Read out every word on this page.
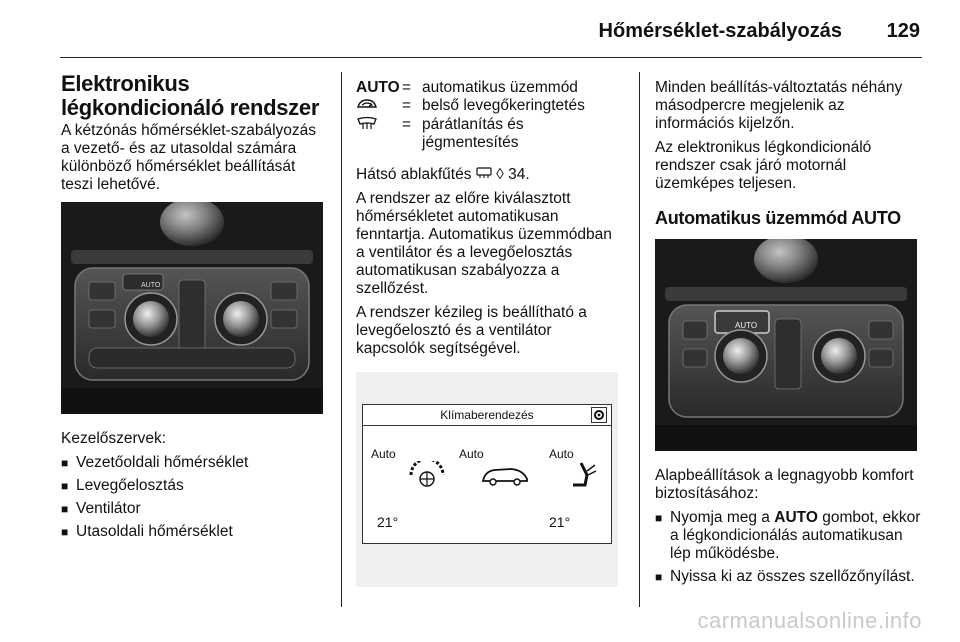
Hőmérséklet-szabályozás 129
Elektronikus légkondicionáló rendszer

A kétzónás hőmérséklet-szabályozás a vezető- és az utasoldal számára különböző hőmérséklet beállítását teszi lehetővé.

AUTO

Kezelőszervek:

■ Vezetőoldali hőmérséklet
■ Levegőelosztás
■ Ventilátor
■ Utasoldali hőmérséklet
AUTO = automatikus üzemmód
= belső levegőkeringtetés
= párátlanítás és jégmentesítés

Hátsó ablakfűtés ◊ 34.

A rendszer az előre kiválasztott hőmérsékletet automatikusan fenntartja. Automatikus üzemmódban a ventilátor és a levegőelosztás automatikusan szabályozza a szellőzést.

A rendszer kézileg is beállítható a levegőelosztó és a ventilátor kapcsolók segítségével.

Klímaberendezés
Auto	Auto	Auto
21°	21°

Minden beállítás-változtatás néhány másodpercre megjelenik az információs kijelzőn.

Az elektronikus légkondicionáló rendszer csak járó motornál üzemképes teljesen.

Automatikus üzemmód AUTO
AUTO

Alapbeállítások a legnagyobb komfort biztosításához:

■ Nyomja meg a AUTO gombot, ekkor a légkondicionálás automatikusan lép működésbe.
■ Nyissa ki az összes szellőzőnyílást.
carmanualsonline.info
